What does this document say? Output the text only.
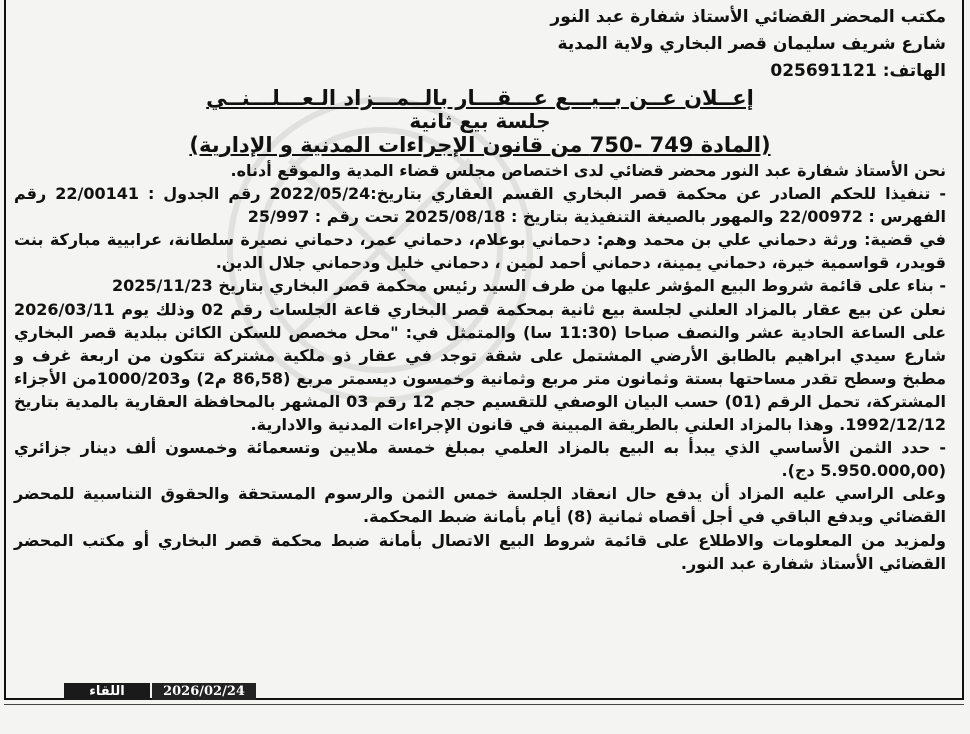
مكتب المحضر القضائي الأستاذ شفارة عبد النور
شارع شريف سليمان قصر البخاري ولاية المدية
الهاتف: 025691121
إعــلان عــن بــيـــع عـــقـــار بالــمـــزاد الـعـــلـــنــي
جلسة بيع ثانية
(المادة 749 -750 من قانون الإجراءات المدنية و الإدارية)

نحن الأستاذ شفارة عبد النور محضر قضائي لدى اختصاص مجلس قضاء المدية والموقع أدناه.

- تنفيذا للحكم الصادر عن محكمة قصر البخاري القسم العقاري بتاريخ:2022/05/24 رقم الجدول : 22/00141 رقم الفهرس : 22/00972 والمهور بالصيغة التنفيذية بتاريخ : 2025/08/18 تحت رقم : 25/997

في قضية: ورثة دحماني علي بن محمد وهم: دحماني بوعلام، دحماني عمر، دحماني نصيرة سلطانة، عرابيية مباركة بنت قويدر، قواسمية خيرة، دحماني يمينة، دحماني أحمد لمين ، دحماني خليل ودحماني جلال الدين.

- بناء على قائمة شروط البيع المؤشر عليها من طرف السيد رئيس محكمة قصر البخاري بتاريخ 2025/11/23

نعلن عن بيع عقار بالمزاد العلني لجلسة بيع ثانية بمحكمة قصر البخاري قاعة الجلسات رقم 02 وذلك يوم 2026/03/11 على الساعة الحادية عشر والنصف صباحا (11:30 سا) والمتمثل في: "محل مخصص للسكن الكائن ببلدية قصر البخاري شارع سيدي ابراهيم بالطابق الأرضي المشتمل على شقة توجد في عقار ذو ملكية مشتركة تتكون من اربعة غرف و مطبخ وسطح تقدر مساحتها بستة وثمانون متر مربع وثمانية وخمسون ديسمتر مربع (86,58 م2) و1000/203من الأجزاء المشتركة، تحمل الرقم (01) حسب البيان الوصفي للتقسيم حجم 12 رقم 03 المشهر بالمحافظة العقارية بالمدية بتاريخ 1992/12/12. وهذا بالمزاد العلني بالطريقة المبينة في قانون الإجراءات المدنية والادارية.

- حدد الثمن الأساسي الذي يبدأ به البيع بالمزاد العلمي بمبلغ خمسة ملايين وتسعمائة وخمسون ألف دينار جزائري (5.950.000,00 دج).

وعلى الراسي عليه المزاد أن يدفع حال انعقاد الجلسة خمس الثمن والرسوم المستحقة والحقوق التناسبية للمحضر القضائي ويدفع الباقي في أجل أقصاه ثمانية (8) أيام بأمانة ضبط المحكمة.

ولمزيد من المعلومات والاطلاع على قائمة شروط البيع الاتصال بأمانة ضبط محكمة قصر البخاري أو مكتب المحضر القضائي الأستاذ شفارة عبد النور.

اللقاء	2026/02/24
